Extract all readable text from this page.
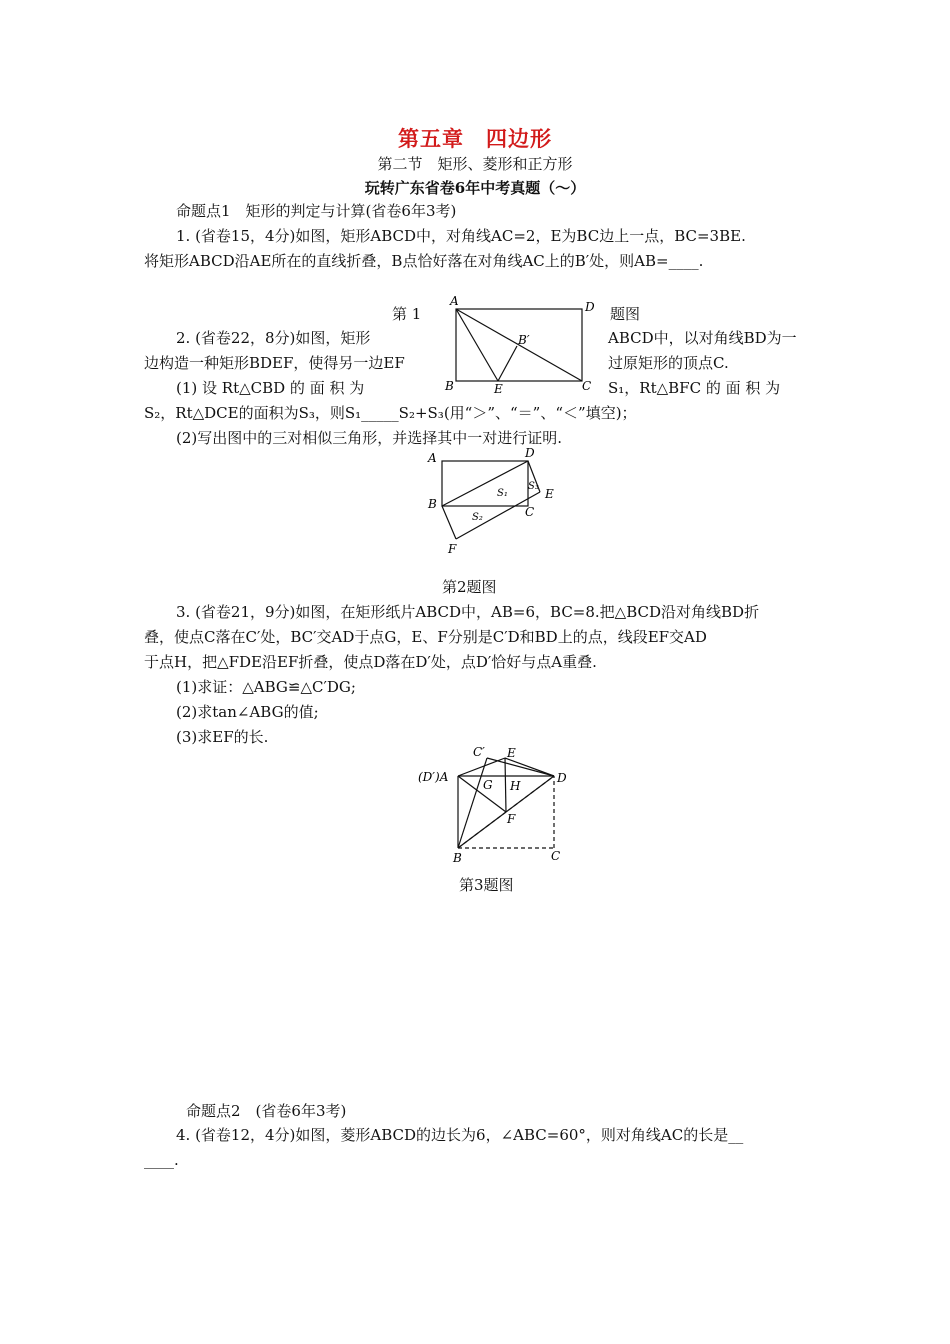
第五章　四边形
第二节　矩形、菱形和正方形
玩转广东省卷6年中考真题（～）
命题点1　矩形的判定与计算(省卷6年3考)
1. (省卷15，4分)如图，矩形ABCD中，对角线AC=2，E为BC边上一点，BC=3BE.
将矩形ABCD沿AE所在的直线折叠，B点恰好落在对角线AC上的B′处，则AB=____.
第 1	题图
A	D
B′
B	E	C
2. (省卷22，8分)如图，矩形	ABCD中，以对角线BD为一
边构造一种矩形BDEF，使得另一边EF	过原矩形的顶点C.
(1) 设 Rt△CBD 的 面 积 为	S₁，Rt△BFC 的 面 积 为
S₂，Rt△DCE的面积为S₃，则S₁_____S₂+S₃(用“＞”、“＝”、“＜”填空)；
(2)写出图中的三对相似三角形，并选择其中一对进行证明.
A	D
B
C
E
F
S₁
S₂
S₃
第2题图
3. (省卷21，9分)如图，在矩形纸片ABCD中，AB=6，BC=8.把△BCD沿对角线BD折
叠，使点C落在C′处，BC′交AD于点G，E、F分别是C′D和BD上的点，线段EF交AD
于点H，把△FDE沿EF折叠，使点D落在D′处，点D′恰好与点A重叠.
(1)求证：△ABG≌△C′DG;
(2)求tan∠ABG的值;
(3)求EF的长.
C′ E
(D′)A	D
G H
F
B	C
第3题图
命题点2　(省卷6年3考)
4. (省卷12，4分)如图，菱形ABCD的边长为6，∠ABC=60°，则对角线AC的长是__
____.
